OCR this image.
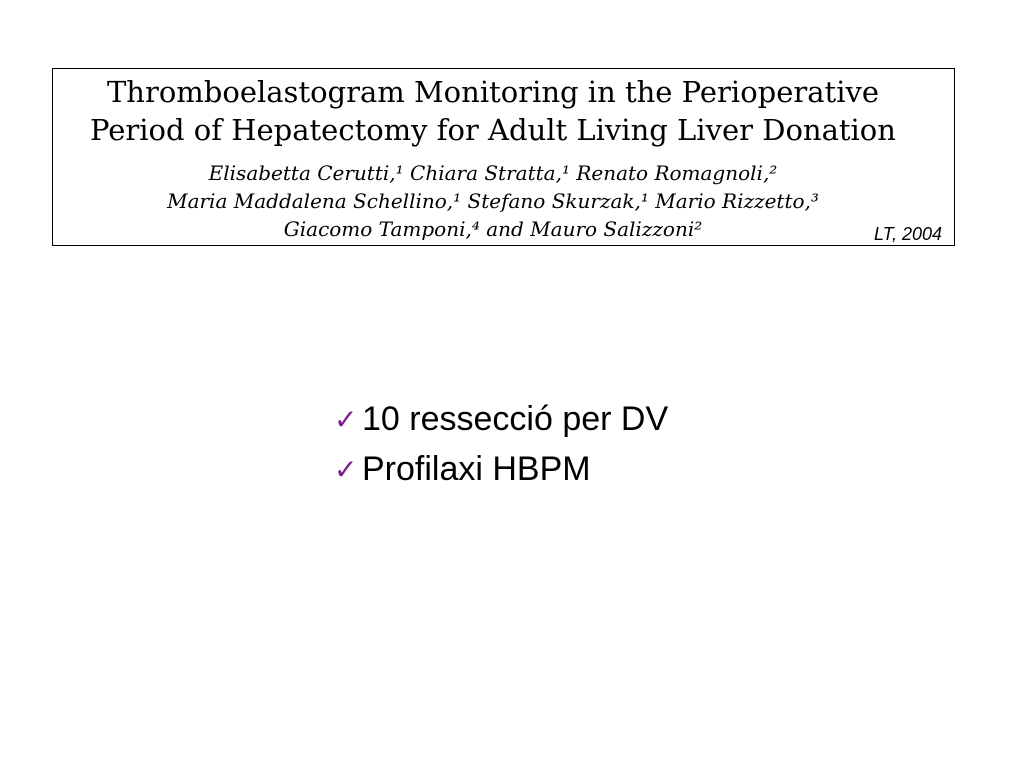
Thromboelastogram Monitoring in the Perioperative
Period of Hepatectomy for Adult Living Liver Donation
Elisabetta Cerutti,¹ Chiara Stratta,¹ Renato Romagnoli,²
Maria Maddalena Schellino,¹ Stefano Skurzak,¹ Mario Rizzetto,³
Giacomo Tamponi,⁴ and Mauro Salizzoni²	LT, 2004
✓ 10 ressecció per DV
✓ Profilaxi HBPM
